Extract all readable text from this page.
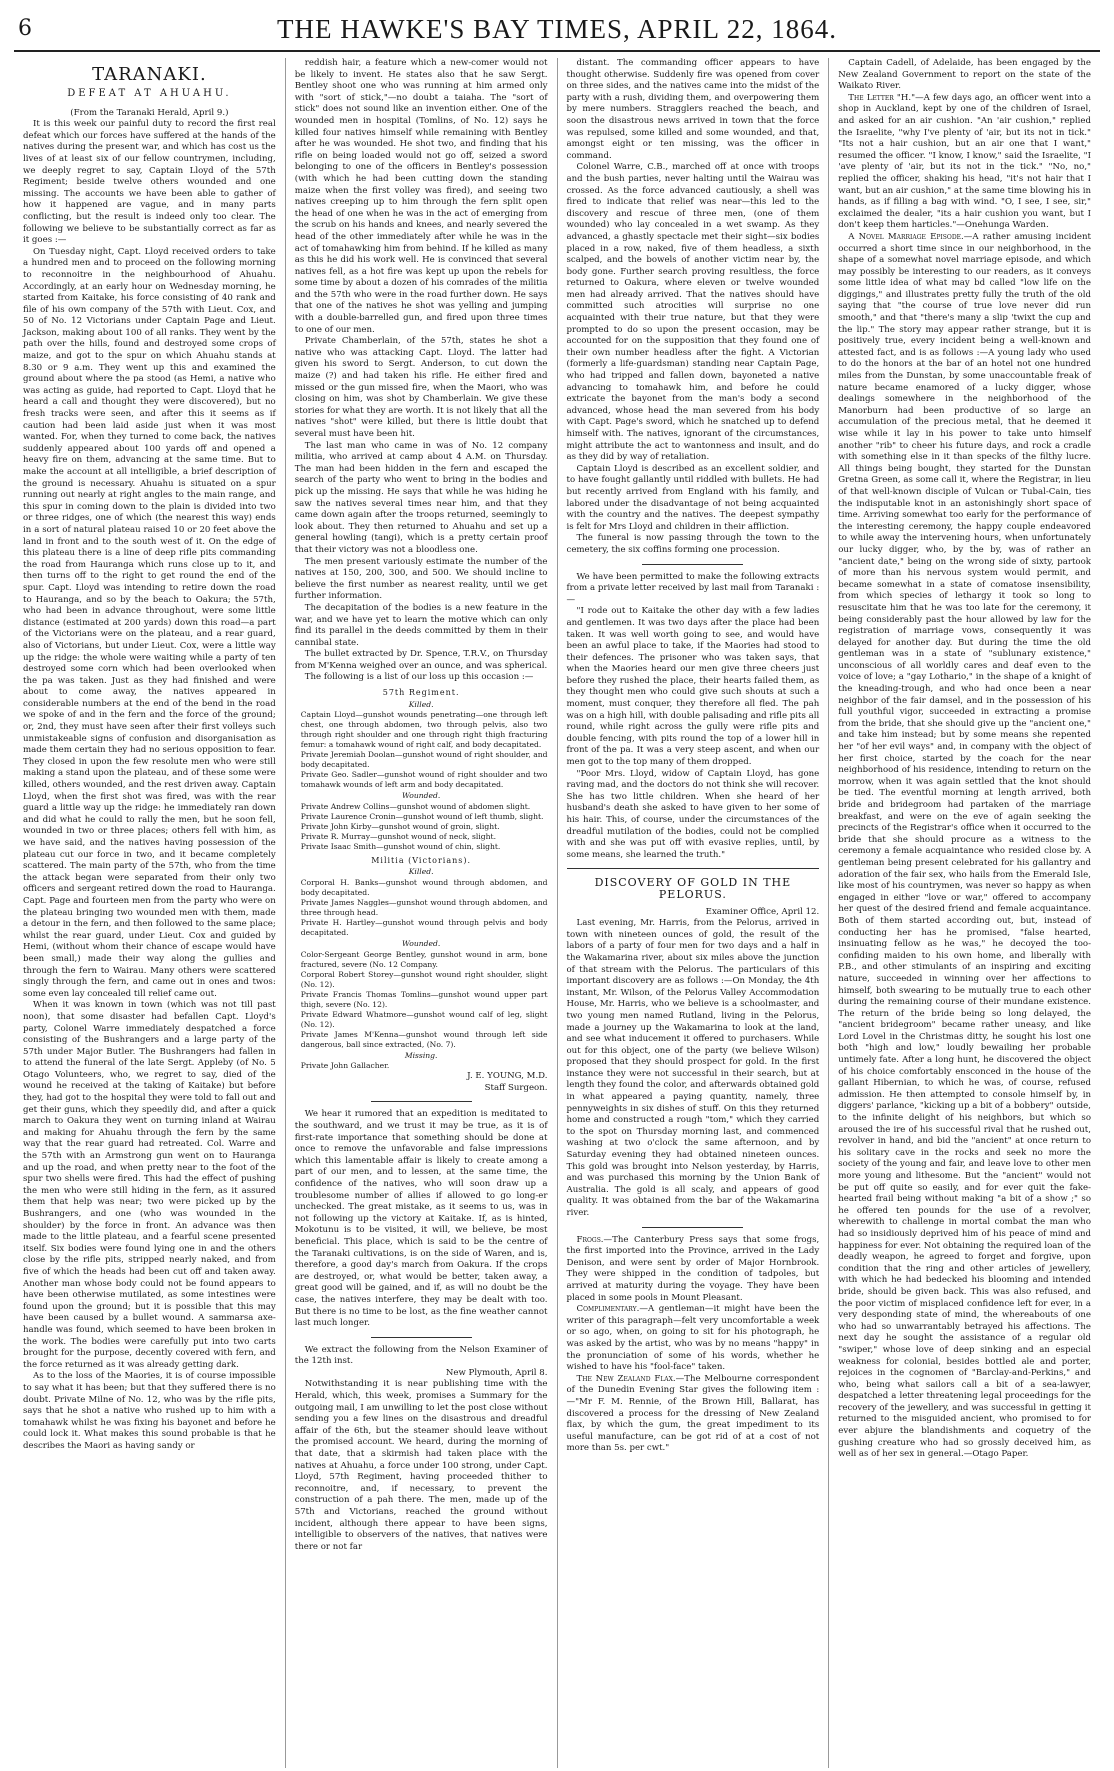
6	THE HAWKE'S BAY TIMES, APRIL 22, 1864.
TARANAKI.
DEFEAT AT AHUAHU.

(From the Taranaki Herald, April 9.)

It is this week our painful duty to record the first real defeat which our forces have suffered at the hands of the natives during the present war, and which has cost us the lives of at least six of our fellow countrymen, including, we deeply regret to say, Captain Lloyd of the 57th Regiment; beside twelve others wounded and one missing. The accounts we have been able to gather of how it happened are vague, and in many parts conflicting, but the result is indeed only too clear. The following we believe to be substantially correct as far as it goes :—

On Tuesday night, Capt. Lloyd received orders to take a hundred men and to proceed on the following morning to reconnoitre in the neighbourhood of Ahuahu. Accordingly, at an early hour on Wednesday morning, he started from Kaitake, his force consisting of 40 rank and file of his own company of the 57th with Lieut. Cox, and 50 of No. 12 Victorians under Captain Page and Lieut. Jackson, making about 100 of all ranks. They went by the path over the hills, found and destroyed some crops of maize, and got to the spur on which Ahuahu stands at 8.30 or 9 a.m. They went up this and examined the ground about where the pa stood (as Hemi, a native who was acting as guide, had reported to Capt. Lloyd that he heard a call and thought they were discovered), but no fresh tracks were seen, and after this it seems as if caution had been laid aside just when it was most wanted. For, when they turned to come back, the natives suddenly appeared about 100 yards off and opened a heavy fire on them, advancing at the same time. But to make the account at all intelligible, a brief description of the ground is necessary. Ahuahu is situated on a spur running out nearly at right angles to the main range, and this spur in coming down to the plain is divided into two or three ridges, one of which (the nearest this way) ends in a sort of natural plateau raised 10 or 20 feet above the land in front and to the south west of it. On the edge of this plateau there is a line of deep rifle pits commanding the road from Hauranga which runs close up to it, and then turns off to the right to get round the end of the spur. Capt. Lloyd was intending to retire down the road to Hauranga, and so by the beach to Oakura; the 57th, who had been in advance throughout, were some little distance (estimated at 200 yards) down this road—a part of the Victorians were on the plateau, and a rear guard, also of Victorians, but under Lieut. Cox, were a little way up the ridge: the whole were waiting while a party of ten destroyed some corn which had been overlooked when the pa was taken. Just as they had finished and were about to come away, the natives appeared in considerable numbers at the end of the bend in the road we spoke of and in the fern and the force of the ground; or, 2nd, they must have seen after their first volleys such unmistakeable signs of confusion and disorganisation as made them certain they had no serious opposition to fear. They closed in upon the few resolute men who were still making a stand upon the plateau, and of these some were killed, others wounded, and the rest driven away. Captain Lloyd, when the first shot was fired, was with the rear guard a little way up the ridge: he immediately ran down and did what he could to rally the men, but he soon fell, wounded in two or three places; others fell with him, as we have said, and the natives having possession of the plateau cut our force in two, and it became completely scattered. The main party of the 57th, who from the time the attack began were separated from their only two officers and sergeant retired down the road to Hauranga. Capt. Page and fourteen men from the party who were on the plateau bringing two wounded men with them, made a detour in the fern, and then followed to the same place; whilst the rear guard, under Lieut. Cox and guided by Hemi, (without whom their chance of escape would have been small,) made their way along the gullies and through the fern to Wairau. Many others were scattered singly through the fern, and came out in ones and twos: some even lay concealed till relief came out.

When it was known in town (which was not till past noon), that some disaster had befallen Capt. Lloyd's party, Colonel Warre immediately despatched a force consisting of the Bushrangers and a large party of the 57th under Major Butler. The Bushrangers had fallen in to attend the funeral of the late Sergt. Appleby (of No. 5 Otago Volunteers, who, we regret to say, died of the wound he received at the taking of Kaitake) but before they, had got to the hospital they were told to fall out and get their guns, which they speedily did, and after a quick march to Oakura they went on turning inland at Wairau and making for Ahuahu through the fern by the same way that the rear guard had retreated. Col. Warre and the 57th with an Armstrong gun went on to Hauranga and up the road, and when pretty near to the foot of the spur two shells were fired. This had the effect of pushing the men who were still hiding in the fern, as it assured them that help was near; two were picked up by the Bushrangers, and one (who was wounded in the shoulder) by the force in front. An advance was then made to the little plateau, and a fearful scene presented itself. Six bodies were found lying one in and the others close by the rifle pits, stripped nearly naked, and from five of which the heads had been cut off and taken away. Another man whose body could not be found appears to have been otherwise mutilated, as some intestines were found upon the ground; but it is possible that this may have been caused by a bullet wound. A sammarsa axe-handle was found, which seemed to have been broken in the work. The bodies were carefully put into two carts brought for the purpose, decently covered with fern, and the force returned as it was already getting dark.

As to the loss of the Maories, it is of course impossible to say what it has been; but that they suffered there is no doubt. Private Milne of No. 12, who was by the rifle pits, says that he shot a native who rushed up to him with a tomahawk whilst he was fixing his bayonet and before he could lock it. What makes this sound probable is that he describes the Maori as having sandy or

reddish hair, a feature which a new-comer would not be likely to invent. He states also that he saw Sergt. Bentley shoot one who was running at him armed only with "sort of stick,"—no doubt a taiaha. The "sort of stick" does not sound like an invention either. One of the wounded men in hospital (Tomlins, of No. 12) says he killed four natives himself while remaining with Bentley after he was wounded. He shot two, and finding that his rifle on being loaded would not go off, seized a sword belonging to one of the officers in Bentley's possession (with which he had been cutting down the standing maize when the first volley was fired), and seeing two natives creeping up to him through the fern split open the head of one when he was in the act of emerging from the scrub on his hands and knees, and nearly severed the head of the other immediately after while he was in the act of tomahawking him from behind. If he killed as many as this he did his work well. He is convinced that several natives fell, as a hot fire was kept up upon the rebels for some time by about a dozen of his comrades of the militia and the 57th who were in the road further down. He says that one of the natives he shot was yelling and jumping with a double-barrelled gun, and fired upon three times to one of our men.

Private Chamberlain, of the 57th, states he shot a native who was attacking Capt. Lloyd. The latter had given his sword to Sergt. Anderson, to cut down the maize (?) and had taken his rifle. He either fired and missed or the gun missed fire, when the Maori, who was closing on him, was shot by Chamberlain. We give these stories for what they are worth. It is not likely that all the natives "shot" were killed, but there is little doubt that several must have been hit.

The last man who came in was of No. 12 company militia, who arrived at camp about 4 A.M. on Thursday. The man had been hidden in the fern and escaped the search of the party who went to bring in the bodies and pick up the missing. He says that while he was hiding he saw the natives several times near him, and that they came down again after the troops returned, seemingly to look about. They then returned to Ahuahu and set up a general howling (tangi), which is a pretty certain proof that their victory was not a bloodless one.

The men present variously estimate the number of the natives at 150, 200, 300, and 500. We should incline to believe the first number as nearest reality, until we get further information.

The decapitation of the bodies is a new feature in the war, and we have yet to learn the motive which can only find its parallel in the deeds committed by them in their cannibal state.

The bullet extracted by Dr. Spence, T.R.V., on Thursday from M'Kenna weighed over an ounce, and was spherical.

The following is a list of our loss up this occasion :—

57th Regiment.
Killed.

Captain Lloyd—gunshot wounds penetrating—one through left chest, one through abdomen, two through pelvis, also two through right shoulder and one through right thigh fracturing femur: a tomahawk wound of right calf, and body decapitated.

Private Jeremiah Doolan—gunshot wound of right shoulder, and body decapitated.

Private Geo. Sadler—gunshot wound of right shoulder and two tomahawk wounds of left arm and body decapitated.

Wounded.

Private Andrew Collins—gunshot wound of abdomen slight.

Private Laurence Cronin—gunshot wound of left thumb, slight.

Private John Kirby—gunshot wound of groin, slight.

Private R. Murray—gunshot wound of neck, slight.

Private Isaac Smith—gunshot wound of chin, slight.

Militia (Victorians).
Killed.

Corporal H. Banks—gunshot wound through abdomen, and body decapitated.

Private James Naggles—gunshot wound through abdomen, and three through head.

Private H. Hartley—gunshot wound through pelvis and body decapitated.

Wounded.

Color-Sergeant George Bentley, gunshot wound in arm, bone fractured, severe (No. 12 Company.

Corporal Robert Storey—gunshot wound right shoulder, slight (No. 12).

Private Francis Thomas Tomlins—gunshot wound upper part thigh, severe (No. 12).

Private Edward Whatmore—gunshot wound calf of leg, slight (No. 12).

Private James M'Kenna—gunshot wound through left side dangerous, ball since extracted, (No. 7).

Missing.

Private John Gallacher.

J. E. YOUNG, M.D.

Staff Surgeon.

We hear it rumored that an expedition is meditated to the southward, and we trust it may be true, as it is of first-rate importance that something should be done at once to remove the unfavorable and false impressions which this lamentable affair is likely to create among a part of our men, and to lessen, at the same time, the confidence of the natives, who will soon draw up a troublesome number of allies if allowed to go long-er unchecked. The great mistake, as it seems to us, was in not following up the victory at Kaitake. If, as is hinted, Mokotunu is to be visited, it will, we believe, be most beneficial. This place, which is said to be the centre of the Taranaki cultivations, is on the side of Waren, and is, therefore, a good day's march from Oakura. If the crops are destroyed, or, what would be better, taken away, a great good will be gained, and if, as will no doubt be the case, the natives interfere, they may be dealt with too. But there is no time to be lost, as the fine weather cannot last much longer.

We extract the following from the Nelson Examiner of the 12th inst.

New Plymouth, April 8.

Notwithstanding it is near publishing time with the Herald, which, this week, promises a Summary for the outgoing mail, I am unwilling to let the post close without sending you a few lines on the disastrous and dreadful affair of the 6th, but the steamer should leave without the promised account. We heard, during the morning of that date, that a skirmish had taken place with the natives at Ahuahu, a force under 100 strong, under Capt. Lloyd, 57th Regiment, having proceeded thither to reconnoitre, and, if necessary, to prevent the construction of a pah there. The men, made up of the 57th and Victorians, reached the ground without incident, although there appear to have been signs, intelligible to observers of the natives, that natives were there or not far

distant. The commanding officer appears to have thought otherwise. Suddenly fire was opened from cover on three sides, and the natives came into the midst of the party with a rush, dividing them, and overpowering them by mere numbers. Stragglers reached the beach, and soon the disastrous news arrived in town that the force was repulsed, some killed and some wounded, and that, amongst eight or ten missing, was the officer in command.

Colonel Warre, C.B., marched off at once with troops and the bush parties, never halting until the Wairau was crossed. As the force advanced cautiously, a shell was fired to indicate that relief was near—this led to the discovery and rescue of three men, (one of them wounded) who lay concealed in a wet swamp. As they advanced, a ghastly spectacle met their sight—six bodies placed in a row, naked, five of them headless, a sixth scalped, and the bowels of another victim near by, the body gone. Further search proving resultless, the force returned to Oakura, where eleven or twelve wounded men had already arrived. That the natives should have committed such atrocities will surprise no one acquainted with their true nature, but that they were prompted to do so upon the present occasion, may be accounted for on the supposition that they found one of their own number headless after the fight. A Victorian (formerly a life-guardsman) standing near Captain Page, who had tripped and fallen down, bayoneted a native advancing to tomahawk him, and before he could extricate the bayonet from the man's body a second advanced, whose head the man severed from his body with Capt. Page's sword, which he snatched up to defend himself with. The natives, ignorant of the circumstances, might attribute the act to wantonness and insult, and do as they did by way of retaliation.

Captain Lloyd is described as an excellent soldier, and to have fought gallantly until riddled with bullets. He had but recently arrived from England with his family, and labored under the disadvantage of not being acquainted with the country and the natives. The deepest sympathy is felt for Mrs Lloyd and children in their affliction.

The funeral is now passing through the town to the cemetery, the six coffins forming one procession.

We have been permitted to make the following extracts from a private letter received by last mail from Taranaki :—

"I rode out to Kaitake the other day with a few ladies and gentlemen. It was two days after the place had been taken. It was well worth going to see, and would have been an awful place to take, if the Maories had stood to their defences. The prisoner who was taken says, that when the Maories heard our men give three cheers just before they rushed the place, their hearts failed them, as they thought men who could give such shouts at such a moment, must conquer, they therefore all fled. The pah was on a high hill, with double palisading and rifle pits all round, while right across the gully were rifle pits and double fencing, with pits round the top of a lower hill in front of the pa. It was a very steep ascent, and when our men got to the top many of them dropped.

"Poor Mrs. Lloyd, widow of Captain Lloyd, has gone raving mad, and the doctors do not think she will recover. She has two little children. When she heard of her husband's death she asked to have given to her some of his hair. This, of course, under the circumstances of the dreadful mutilation of the bodies, could not be complied with and she was put off with evasive replies, until, by some means, she learned the truth."

DISCOVERY OF GOLD IN THE PELORUS.

Examiner Office, April 12.

Last evening, Mr. Harris, from the Pelorus, arrived in town with nineteen ounces of gold, the result of the labors of a party of four men for two days and a half in the Wakamarina river, about six miles above the junction of that stream with the Pelorus. The particulars of this important discovery are as follows :—On Monday, the 4th instant, Mr. Wilson, of the Pelorus Valley Accommodation House, Mr. Harris, who we believe is a schoolmaster, and two young men named Rutland, living in the Pelorus, made a journey up the Wakamarina to look at the land, and see what inducement it offered to purchasers. While out for this object, one of the party (we believe Wilson) proposed that they should prospect for gold. In the first instance they were not successful in their search, but at length they found the color, and afterwards obtained gold in what appeared a paying quantity, namely, three pennyweights in six dishes of stuff. On this they returned home and constructed a rough "tom," which they carried to the spot on Thursday morning last, and commenced washing at two o'clock the same afternoon, and by Saturday evening they had obtained nineteen ounces. This gold was brought into Nelson yesterday, by Harris, and was purchased this morning by the Union Bank of Australia. The gold is all scaly, and appears of good quality. It was obtained from the bar of the Wakamarina river.

Frogs.—The Canterbury Press says that some frogs, the first imported into the Province, arrived in the Lady Denison, and were sent by order of Major Hornbrook. They were shipped in the condition of tadpoles, but arrived at maturity during the voyage. They have been placed in some pools in Mount Pleasant.

Complimentary.—A gentleman—it might have been the writer of this paragraph—felt very uncomfortable a week or so ago, when, on going to sit for his photograph, he was asked by the artist, who was by no means "happy" in the pronunciation of some of his words, whether he wished to have his "fool-face" taken.

The New Zealand Flax.—The Melbourne correspondent of the Dunedin Evening Star gives the following item :—"Mr F. M. Rennie, of the Brown Hill, Ballarat, has discovered a process for the dressing of New Zealand flax, by which the gum, the great impediment to its useful manufacture, can be got rid of at a cost of not more than 5s. per cwt."

Captain Cadell, of Adelaide, has been engaged by the New Zealand Government to report on the state of the Waikato River.

The Letter "H."—A few days ago, an officer went into a shop in Auckland, kept by one of the children of Israel, and asked for an air cushion. "An 'air cushion," replied the Israelite, "why I've plenty of 'air, but its not in tick." "Its not a hair cushion, but an air one that I want," resumed the officer. "I know, I know," said the Israelite, "I 'ave plenty of 'air, but its not in the tick." "No, no," replied the officer, shaking his head, "it's not hair that I want, but an air cushion," at the same time blowing his in hands, as if filling a bag with wind. "O, I see, I see, sir," exclaimed the dealer, "its a hair cushion you want, but I don't keep them harticles."—Onehunga Warden.

A Novel Marriage Episode.—A rather amusing incident occurred a short time since in our neighborhood, in the shape of a somewhat novel marriage episode, and which may possibly be interesting to our readers, as it conveys some little idea of what may bd called "low life on the diggings," and illustrates pretty fully the truth of the old saying that "the course of true love never did run smooth," and that "there's many a slip 'twixt the cup and the lip." The story may appear rather strange, but it is positively true, every incident being a well-known and attested fact, and is as follows :—A young lady who used to do the honors at the bar of an hotel not one hundred miles from the Dunstan, by some unaccountable freak of nature became enamored of a lucky digger, whose dealings somewhere in the neighborhood of the Manorburn had been productive of so large an accumulation of the precious metal, that he deemed it wise while it lay in his power to take unto himself another "rib" to cheer his future days, and rock a cradle with something else in it than specks of the filthy lucre. All things being bought, they started for the Dunstan Gretna Green, as some call it, where the Registrar, in lieu of that well-known disciple of Vulcan or Tubal-Cain, ties the indisputable knot in an astonishingly short space of time. Arriving somewhat too early for the performance of the interesting ceremony, the happy couple endeavored to while away the intervening hours, when unfortunately our lucky digger, who, by the by, was of rather an "ancient date," being on the wrong side of sixty, partook of more than his nervous system would permit, and became somewhat in a state of comatose insensibility, from which species of lethargy it took so long to resuscitate him that he was too late for the ceremony, it being considerably past the hour allowed by law for the registration of marriage vows, consequently it was delayed for another day. But during the time the old gentleman was in a state of "sublunary existence," unconscious of all worldly cares and deaf even to the voice of love; a "gay Lothario," in the shape of a knight of the kneading-trough, and who had once been a near neighbor of the fair damsel, and in the possession of his full youthful vigor, succeeded in extracting a promise from the bride, that she should give up the "ancient one," and take him instead; but by some means she repented her "of her evil ways" and, in company with the object of her first choice, started by the coach for the near neighborhood of his residence, intending to return on the morrow, when it was again settled that the knot should be tied. The eventful morning at length arrived, both bride and bridegroom had partaken of the marriage breakfast, and were on the eve of again seeking the precincts of the Registrar's office when it occurred to the bride that she should procure as a witness to the ceremony a female acquaintance who resided close by. A gentleman being present celebrated for his gallantry and adoration of the fair sex, who hails from the Emerald Isle, like most of his countrymen, was never so happy as when engaged in either "love or war," offered to accompany her quest of the desired friend and female acquaintance. Both of them started according out, but, instead of conducting her has he promised, "false hearted, insinuating fellow as he was," he decoyed the too-confiding maiden to his own home, and liberally with P.B., and other stimulants of an inspiring and exciting nature, succeeded in winning over her affections to himself, both swearing to be mutually true to each other during the remaining course of their mundane existence. The return of the bride being so long delayed, the "ancient bridegroom" became rather uneasy, and like Lord Lovel in the Christmas ditty, he sought his lost one both "high and low," loudly bewailing her probable untimely fate. After a long hunt, he discovered the object of his choice comfortably ensconced in the house of the gallant Hibernian, to which he was, of course, refused admission. He then attempted to console himself by, in diggers' parlance, "kicking up a bit of a bobbery" outside, to the infinite delight of his neighbors, but which so aroused the ire of his successful rival that he rushed out, revolver in hand, and bid the "ancient" at once return to his solitary cave in the rocks and seek no more the society of the young and fair, and leave love to other men more young and lithesome. But the "ancient" would not be put off quite so easily, and for ever quit the fake-hearted frail being without making "a bit of a show ;" so he offered ten pounds for the use of a revolver, wherewith to challenge in mortal combat the man who had so insidiously deprived him of his peace of mind and happiness for ever. Not obtaining the required loan of the deadly weapon, he agreed to forget and forgive, upon condition that the ring and other articles of jewellery, with which he had bedecked his blooming and intended bride, should be given back. This was also refused, and the poor victim of misplaced confidence left for ever, in a very desponding state of mind, the whereabouts of one who had so unwarrantably betrayed his affections. The next day he sought the assistance of a regular old "swiper," whose love of deep sinking and an especial weakness for colonial, besides bottled ale and porter, rejoices in the cognomen of "Barclay-and-Perkins," and who, being what sailors call a bit of a sea-lawyer, despatched a letter threatening legal proceedings for the recovery of the jewellery, and was successful in getting it returned to the misguided ancient, who promised to for ever abjure the blandishments and coquetry of the gushing creature who had so grossly deceived him, as well as of her sex in general.—Otago Paper.
